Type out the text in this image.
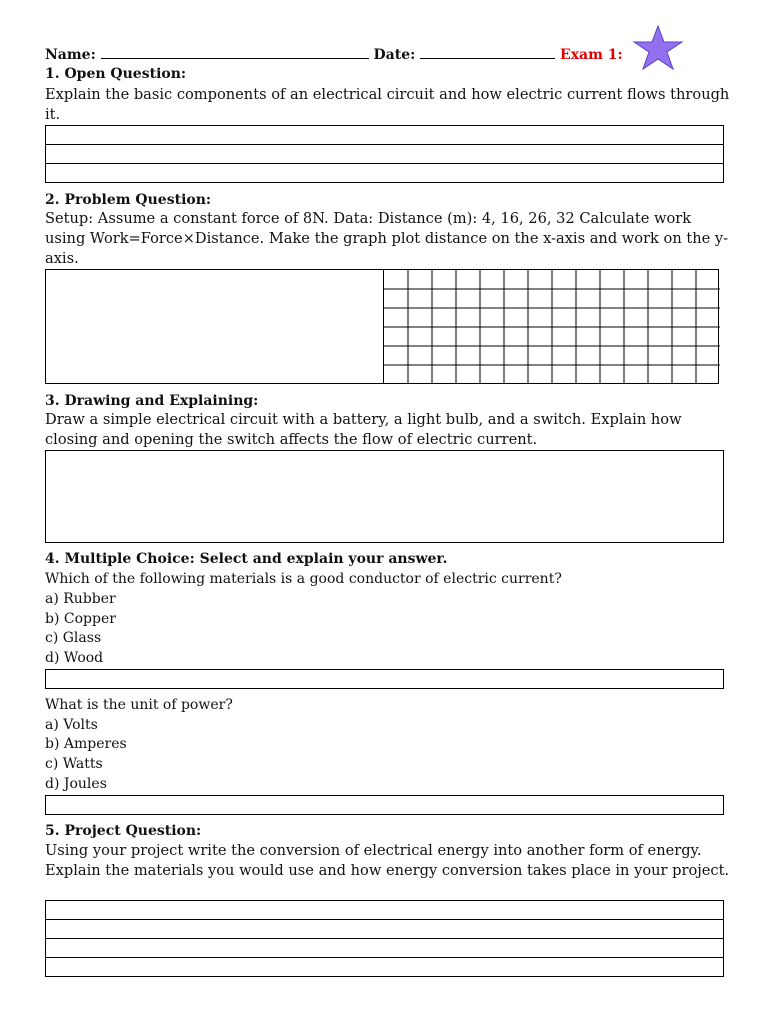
Name:	Date:	Exam 1:
1. Open Question:
Explain the basic components of an electrical circuit and how electric current flows through it.
2. Problem Question:
Setup: Assume a constant force of 8N. Data: Distance (m): 4, 16, 26, 32 Calculate work using Work=Force×Distance. Make the graph plot distance on the x-axis and work on the y-axis.
3. Drawing and Explaining:
Draw a simple electrical circuit with a battery, a light bulb, and a switch. Explain how closing and opening the switch affects the flow of electric current.
4. Multiple Choice: Select and explain your answer.
Which of the following materials is a good conductor of electric current?
a) Rubber
b) Copper
c) Glass
d) Wood
What is the unit of power?
a) Volts
b) Amperes
c) Watts
d) Joules
5. Project Question:
Using your project write the conversion of electrical energy into another form of energy. Explain the materials you would use and how energy conversion takes place in your project.
